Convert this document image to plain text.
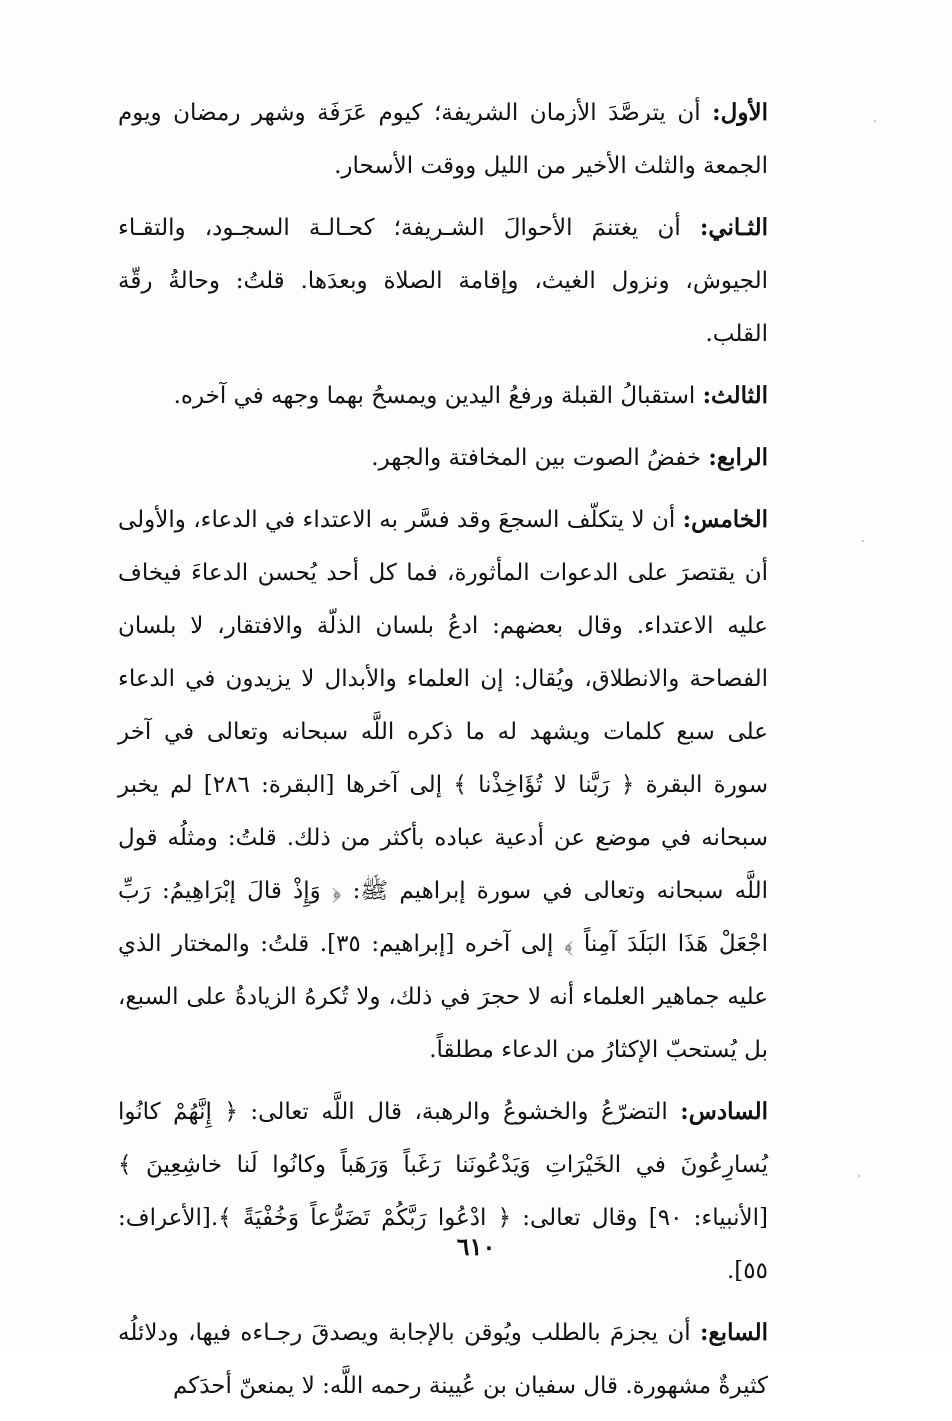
الأول: أن يترصَّدَ الأزمان الشريفة؛ كيوم عَرَفَة وشهر رمضان ويوم الجمعة والثلث الأخير من الليل ووقت الأسحار.

الثـاني: أن يغتنمَ الأحوالَ الشـريفة؛ كحـالـة السجـود، والتقـاء الجيوش، ونزول الغيث، وإقامة الصلاة وبعدَها. قلتُ: وحالةُ رقّة القلب.

الثالث: استقبالُ القبلة ورفعُ اليدين ويمسحُ بهما وجهه في آخره.

الرابع: خفضُ الصوت بين المخافتة والجهر.

الخامس: أن لا يتكلّف السجعَ وقد فسَّر به الاعتداء في الدعاء، والأولى أن يقتصرَ على الدعوات المأثورة، فما كل أحد يُحسن الدعاءَ فيخاف عليه الاعتداء. وقال بعضهم: ادعُ بلسان الذلّة والافتقار، لا بلسان الفصاحة والانطلاق، ويُقال: إن العلماء والأبدال لا يزيدون في الدعاء على سبع كلمات ويشهد له ما ذكره اللَّه سبحانه وتعالى في آخر سورة البقرة ﴿ رَبَّنا لا تُؤَاخِذْنا ﴾ إلى آخرها [البقرة: ٢٨٦] لم يخبر سبحانه في موضع عن أدعية عباده بأكثر من ذلك. قلتُ: ومثلُه قول اللَّه سبحانه وتعالى في سورة إبراهيم ﷺ: ﴿ وَإِذْ قالَ إبْرَاهِيمُ: رَبِّ اجْعَلْ هَذَا البَلَدَ آمِناً ﴾ إلى آخره [إبراهيم: ٣٥]. قلتُ: والمختار الذي عليه جماهير العلماء أنه لا حجرَ في ذلك، ولا تُكرهُ الزيادةُ على السبع، بل يُستحبّ الإكثارُ من الدعاء مطلقاً.

السادس: التضرّعُ والخشوعُ والرهبة، قال اللَّه تعالى: ﴿ إِنَّهُمْ كانُوا يُسارِعُونَ في الخَيْرَاتِ وَيَدْعُونَنا رَغَباً وَرَهَباً وكانُوا لَنا خاشِعِينَ ﴾ [الأنبياء: ٩٠] وقال تعالى: ﴿ ادْعُوا رَبَّكُمْ تَضَرُّعاً وَخُفْيَةً ﴾.[الأعراف: ٥٥].

السابع: أن يجزمَ بالطلب ويُوقن بالإجابة ويصدقَ رجـاءه فيها، ودلائلُه كثيرةٌ مشهورة. قال سفيان بن عُيينة رحمه اللَّه: لا يمنعنّ أحدَكم

٦١٠
